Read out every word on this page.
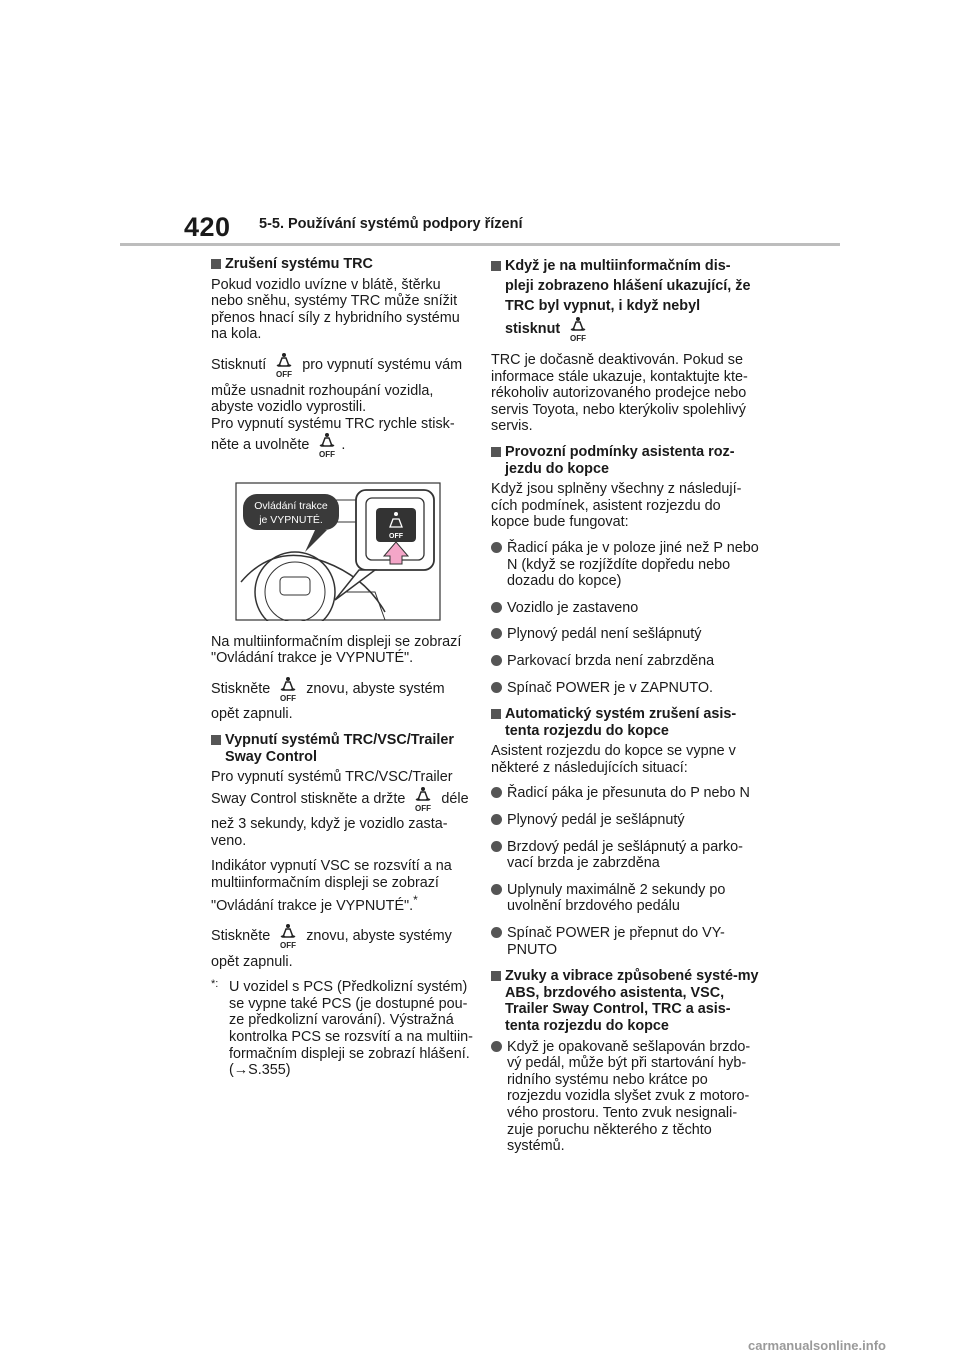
420 5-5. Používání systémů podpory řízení
Zrušení systému TRC
Pokud vozidlo uvízne v blátě, štěrku nebo sněhu, systémy TRC může snížit přenos hnací síly z hybridního systému na kola.
Stisknutí
OFF
pro vypnutí systému vám může usnadnit rozhoupání vozidla, abyste vozidlo vyprostili.
Pro vypnutí systému TRC rychle stisk-něte a uvolněte
OFF
.
Ovládání trakce
je VYPNUTÉ.
OFF
Na multiinformačním displeji se zobrazí "Ovládání trakce je VYPNUTÉ".
Stiskněte
OFF
znovu, abyste systém opět zapnuli.
Vypnutí systémů TRC/VSC/Trailer Sway Control
Pro vypnutí systémů TRC/VSC/Trailer Sway Control stiskněte a držte
OFF
déle než 3 sekundy, když je vozidlo zasta-veno.
Indikátor vypnutí VSC se rozsvítí a na multiinformačním displeji se zobrazí "Ovládání trakce je VYPNUTÉ".*
Stiskněte
OFF
znovu, abyste systémy opět zapnuli.
*: U vozidel s PCS (Předkolizní systém) se vypne také PCS (je dostupné pou-ze předkolizní varování). Výstražná kontrolka PCS se rozsvítí a na multiin-formačním displeji se zobrazí hlášení. (→S.355)
Když je na multiinformačním dis-pleji zobrazeno hlášení ukazující, že TRC byl vypnut, i když nebyl stisknut
OFF
TRC je dočasně deaktivován. Pokud se informace stále ukazuje, kontaktujte kte-rékoholiv autorizovaného prodejce nebo servis Toyota, nebo kterýkoliv spolehlivý servis.
Provozní podmínky asistenta roz-jezdu do kopce
Když jsou splněny všechny z následují-cích podmínek, asistent rozjezdu do kopce bude fungovat:
Řadicí páka je v poloze jiné než P nebo N (když se rozjíždíte dopředu nebo dozadu do kopce)
Vozidlo je zastaveno
Plynový pedál není sešlápnutý
Parkovací brzda není zabrzděna
Spínač POWER je v ZAPNUTO.
Automatický systém zrušení asis-tenta rozjezdu do kopce
Asistent rozjezdu do kopce se vypne v některé z následujících situací:
Řadicí páka je přesunuta do P nebo N
Plynový pedál je sešlápnutý
Brzdový pedál je sešlápnutý a parko-vací brzda je zabrzděna
Uplynuly maximálně 2 sekundy po uvolnění brzdového pedálu
Spínač POWER je přepnut do VY-PNUTO
Zvuky a vibrace způsobené systé-my ABS, brzdového asistenta, VSC, Trailer Sway Control, TRC a asis-tenta rozjezdu do kopce
Když je opakovaně sešlapován brzdo-vý pedál, může být při startování hyb-ridního systému nebo krátce po rozjezdu vozidla slyšet zvuk z motoro-vého prostoru. Tento zvuk nesignali-zuje poruchu některého z těchto systémů.
carmanualsonline.info
